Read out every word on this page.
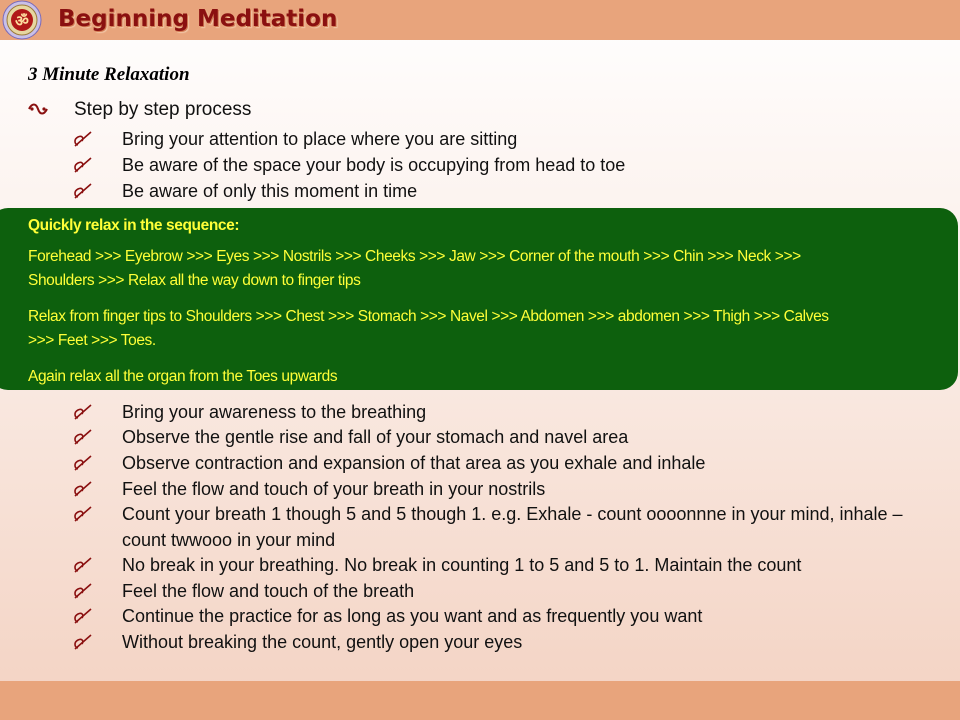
ॐ Beginning Meditation
3 Minute Relaxation
Step by step process
Bring your attention to place where you are sitting
Be aware of the space your body is occupying from head to toe
Be aware of only this moment in time
Quickly relax in the sequence:
Forehead >>> Eyebrow >>> Eyes >>> Nostrils >>> Cheeks >>> Jaw >>> Corner of the mouth >>> Chin >>> Neck >>>
Shoulders >>> Relax all the way down to finger tips
Relax from finger tips to Shoulders >>> Chest >>> Stomach >>> Navel >>> Abdomen >>> abdomen >>> Thigh >>> Calves
>>> Feet >>> Toes.
Again relax all the organ from the Toes upwards
Bring your awareness to the breathing
Observe the gentle rise and fall of your stomach and navel area
Observe contraction and expansion of that area as you exhale and inhale
Feel the flow and touch of your breath in your nostrils
Count your breath 1 though 5 and 5 though 1. e.g. Exhale - count oooonnne in your mind, inhale – count twwooo in your mind
No break in your breathing. No break in counting 1 to 5 and 5 to 1. Maintain the count
Feel the flow and touch of the breath
Continue the practice for as long as you want and as frequently you want
Without breaking the count, gently open your eyes
